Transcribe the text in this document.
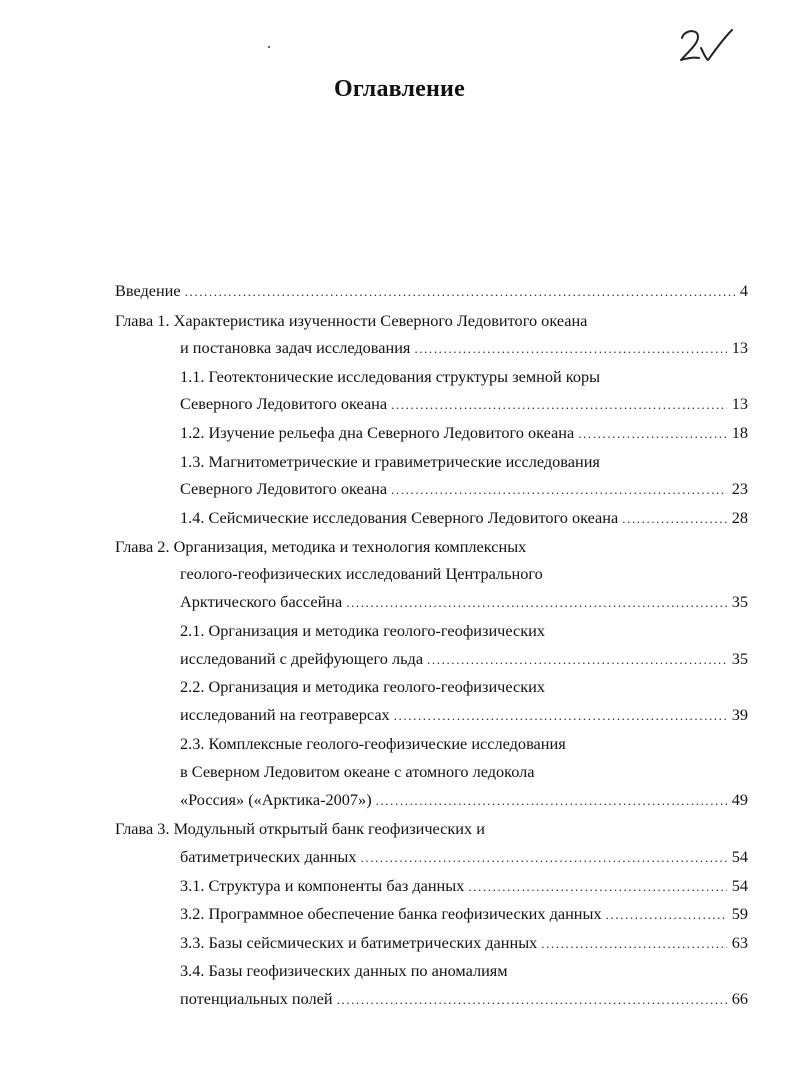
Оглавление
Введение .....	4
Глава 1. Характеристика изученности Северного Ледовитого океана
и постановка задач исследования .....	13
1.1. Геотектонические исследования структуры земной коры
Северного Ледовитого океана .....	13
1.2. Изучение рельефа дна Северного Ледовитого океана .....	18
1.3. Магнитометрические и гравиметрические исследования
Северного Ледовитого океана .....	23
1.4. Сейсмические исследования Северного Ледовитого океана .....	28
Глава 2. Организация, методика и технология комплексных
геолого-геофизических исследований Центрального
Арктического бассейна .....	35
2.1. Организация и методика геолого-геофизических
исследований с дрейфующего льда .....	35
2.2. Организация и методика геолого-геофизических
исследований на геотраверсах .....	39
2.3. Комплексные геолого-геофизические исследования
в Северном Ледовитом океане с атомного ледокола
«Россия» («Арктика-2007») .....	49
Глава 3. Модульный открытый банк геофизических и
батиметрических данных .....	54
3.1. Структура и компоненты баз данных .....	54
3.2. Программное обеспечение банка геофизических данных .....	59
3.3. Базы сейсмических и батиметрических данных .....	63
3.4. Базы геофизических данных по аномалиям
потенциальных полей .....	66
